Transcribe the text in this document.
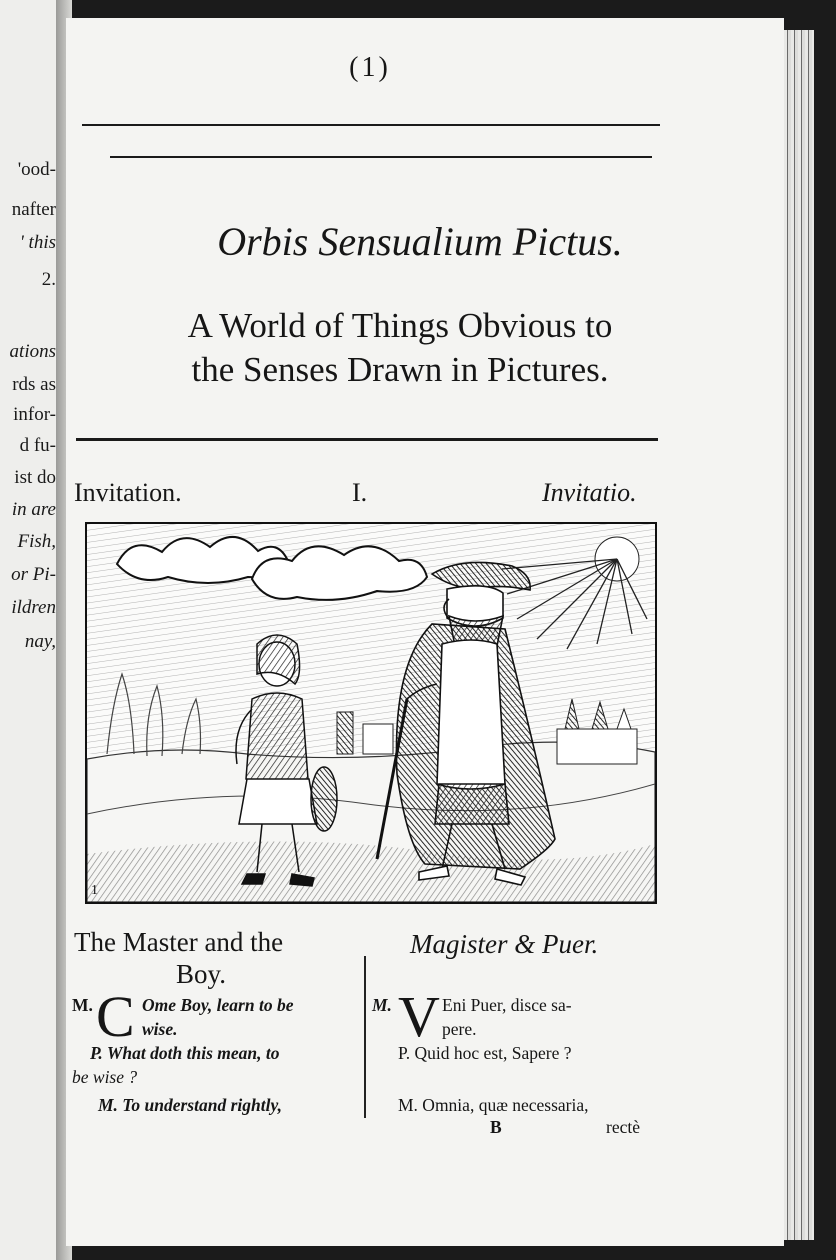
'ood-
nafter
' this
2.
ations
rds as
infor-
d fu-
ist do
in are
Fish,
or Pi-
ildren
nay,
(1)
Orbis Sensualium Pictus.
A World of Things Obvious to
the Senses Drawn in Pictures.
Invitation.	I.	Invitatio.
1
The Master and the
Boy.
M. C Ome Boy, learn to be
wise.
P. What doth this mean, to
be wise ?
M. To understand rightly,
Magister & Puer.
M. V Eni Puer, disce sa-
pere.
P. Quid hoc est, Sapere ?
M. Omnia, quæ necessaria,
B	rectè
